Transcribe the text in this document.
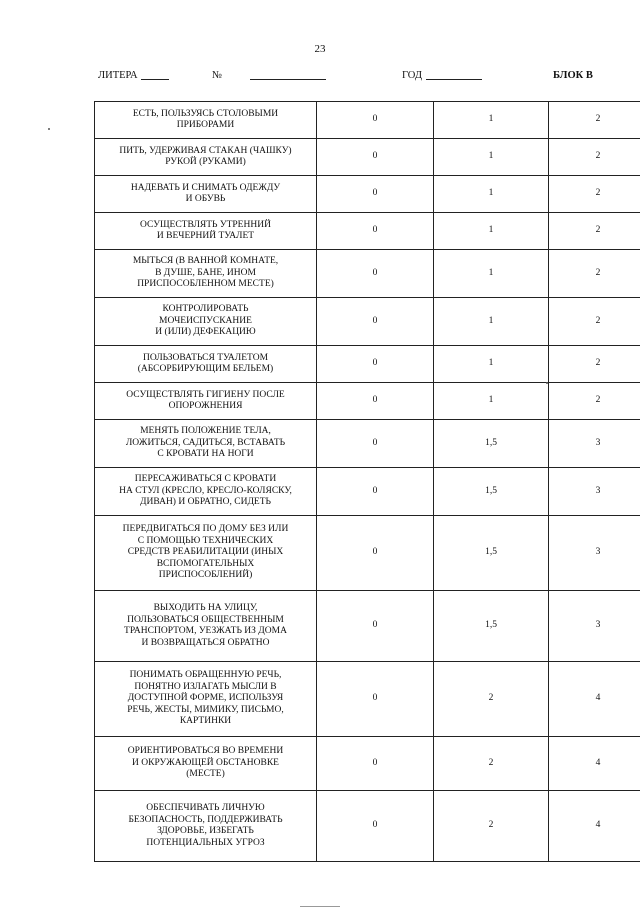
23
ЛИТЕРА	№	ГОД	БЛОК В
ЕСТЬ, ПОЛЬЗУЯСЬ СТОЛОВЫМИ
ПРИБОРАМИ	0	1	2

ПИТЬ, УДЕРЖИВАЯ СТАКАН (ЧАШКУ)
РУКОЙ (РУКАМИ)	0	1	2

НАДЕВАТЬ И СНИМАТЬ ОДЕЖДУ
И ОБУВЬ	0	1	2

ОСУЩЕСТВЛЯТЬ УТРЕННИЙ
И ВЕЧЕРНИЙ ТУАЛЕТ	0	1	2

МЫТЬСЯ (В ВАННОЙ КОМНАТЕ,
В ДУШЕ, БАНЕ, ИНОМ
ПРИСПОСОБЛЕННОМ МЕСТЕ)	0	1	2

КОНТРОЛИРОВАТЬ
МОЧЕИСПУСКАНИЕ
И (ИЛИ) ДЕФЕКАЦИЮ	0	1	2

ПОЛЬЗОВАТЬСЯ ТУАЛЕТОМ
(АБСОРБИРУЮЩИМ БЕЛЬЕМ)	0	1	2

ОСУЩЕСТВЛЯТЬ ГИГИЕНУ ПОСЛЕ
ОПОРОЖНЕНИЯ	0	1	2

МЕНЯТЬ ПОЛОЖЕНИЕ ТЕЛА,
ЛОЖИТЬСЯ, САДИТЬСЯ, ВСТАВАТЬ
С КРОВАТИ НА НОГИ	0	1,5	3

ПЕРЕСАЖИВАТЬСЯ С КРОВАТИ
НА СТУЛ (КРЕСЛО, КРЕСЛО-КОЛЯСКУ,
ДИВАН) И ОБРАТНО, СИДЕТЬ	0	1,5	3

ПЕРЕДВИГАТЬСЯ ПО ДОМУ БЕЗ ИЛИ
С ПОМОЩЬЮ ТЕХНИЧЕСКИХ
СРЕДСТВ РЕАБИЛИТАЦИИ (ИНЫХ
ВСПОМОГАТЕЛЬНЫХ
ПРИСПОСОБЛЕНИЙ)	0	1,5	3

ВЫХОДИТЬ НА УЛИЦУ,
ПОЛЬЗОВАТЬСЯ ОБЩЕСТВЕННЫМ
ТРАНСПОРТОМ, УЕЗЖАТЬ ИЗ ДОМА
И ВОЗВРАЩАТЬСЯ ОБРАТНО	0	1,5	3

ПОНИМАТЬ ОБРАЩЕННУЮ РЕЧЬ,
ПОНЯТНО ИЗЛАГАТЬ МЫСЛИ В
ДОСТУПНОЙ ФОРМЕ, ИСПОЛЬЗУЯ
РЕЧЬ, ЖЕСТЫ, МИМИКУ, ПИСЬМО,
КАРТИНКИ	0	2	4

ОРИЕНТИРОВАТЬСЯ ВО ВРЕМЕНИ
И ОКРУЖАЮЩЕЙ ОБСТАНОВКЕ
(МЕСТЕ)	0	2	4

ОБЕСПЕЧИВАТЬ ЛИЧНУЮ
БЕЗОПАСНОСТЬ, ПОДДЕРЖИВАТЬ
ЗДОРОВЬЕ, ИЗБЕГАТЬ
ПОТЕНЦИАЛЬНЫХ УГРОЗ	0	2	4
